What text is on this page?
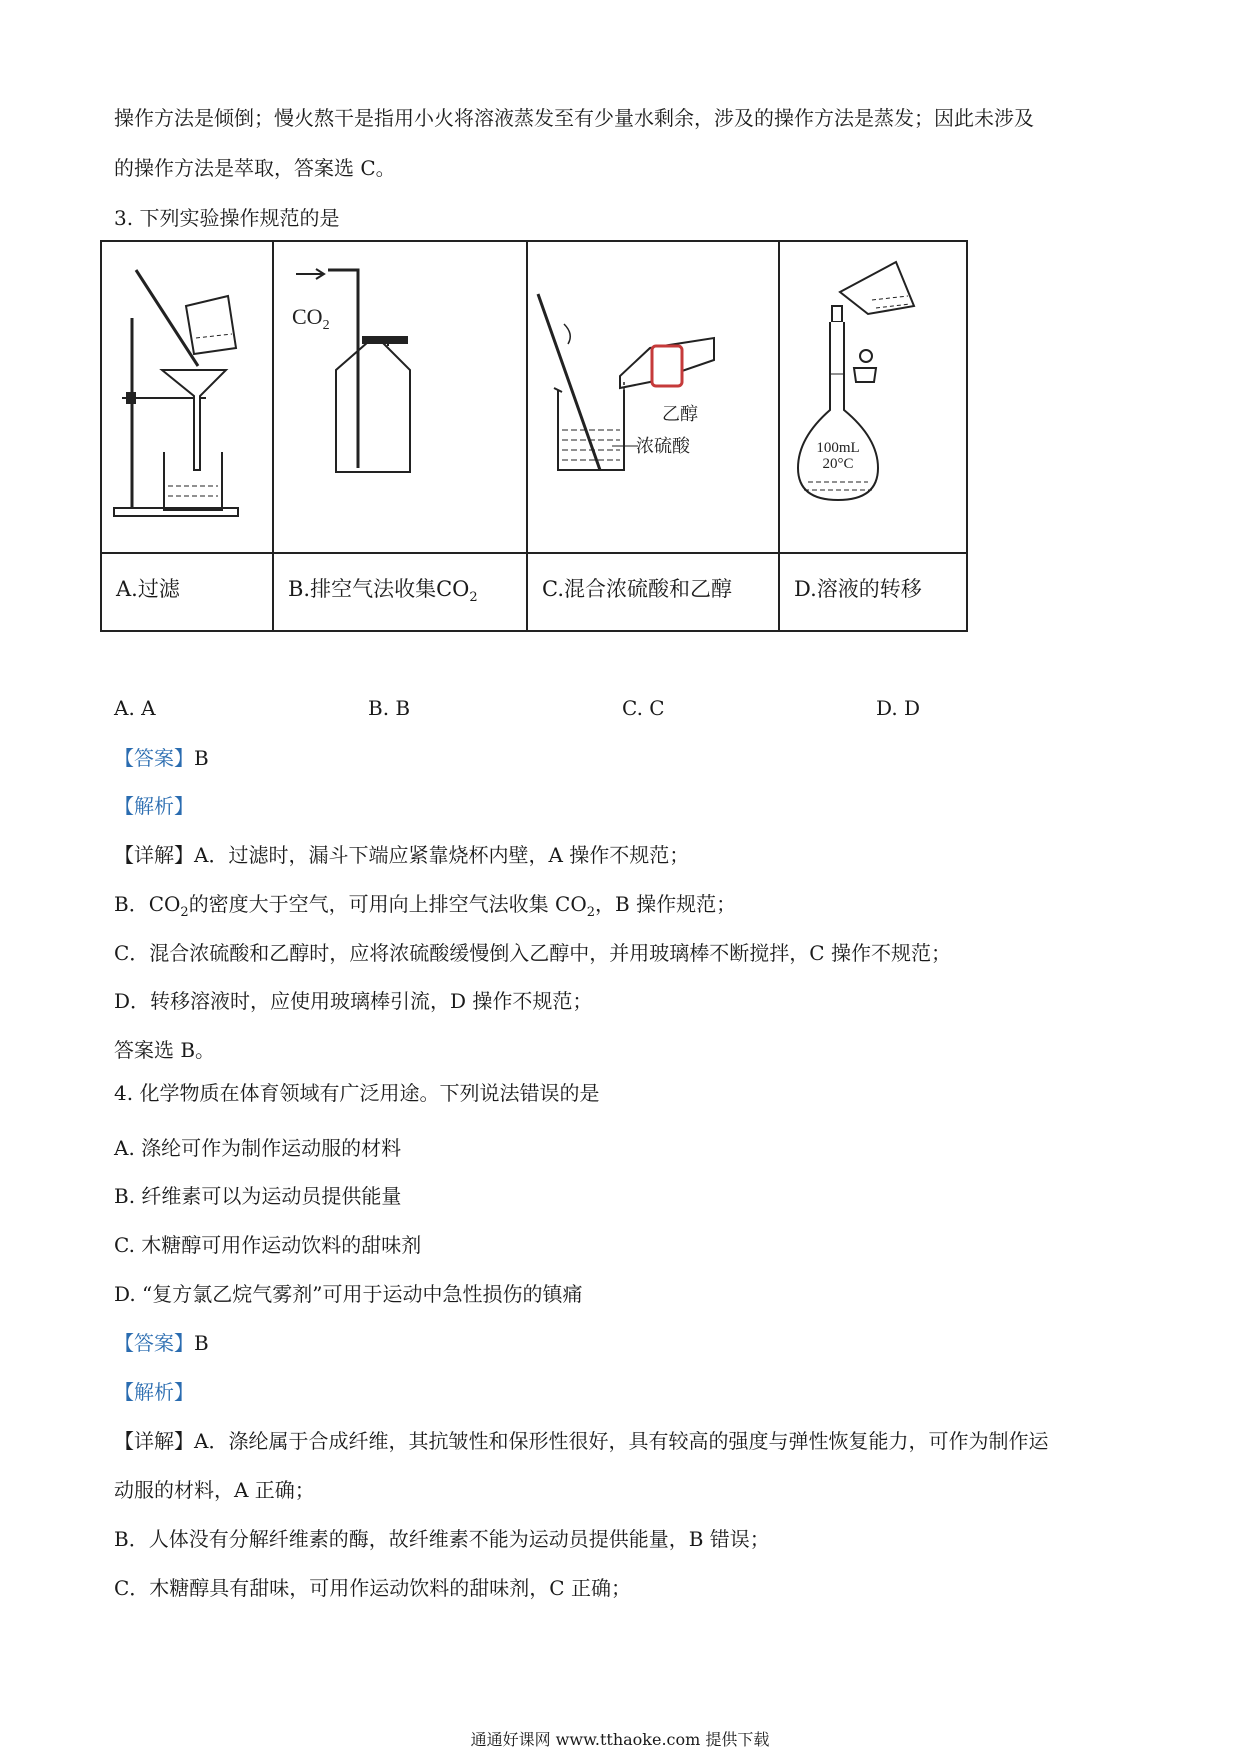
操作方法是倾倒；慢火熬干是指用小火将溶液蒸发至有少量水剩余，涉及的操作方法是蒸发；因此未涉及
的操作方法是萃取，答案选 C。
3. 下列实验操作规范的是
$CO_2$
乙醇
浓硫酸	100mL
20°C
A.过滤	B.排空气法收集$CO_2$	C.混合浓硫酸和乙醇	D.溶液的转移
A. A	B. B	C. C	D. D
【答案】B
【解析】
【详解】A．过滤时，漏斗下端应紧靠烧杯内壁，A 操作不规范；
B．$CO_2$的密度大于空气，可用向上排空气法收集 $CO_2$，B 操作规范；
C．混合浓硫酸和乙醇时，应将浓硫酸缓慢倒入乙醇中，并用玻璃棒不断搅拌，C 操作不规范；
D．转移溶液时，应使用玻璃棒引流，D 操作不规范；
答案选 B。
4. 化学物质在体育领域有广泛用途。下列说法错误的是
A. 涤纶可作为制作运动服的材料
B. 纤维素可以为运动员提供能量
C. 木糖醇可用作运动饮料的甜味剂
D. “复方氯乙烷气雾剂”可用于运动中急性损伤的镇痛
【答案】B
【解析】
【详解】A．涤纶属于合成纤维，其抗皱性和保形性很好，具有较高的强度与弹性恢复能力，可作为制作运
动服的材料，A 正确；
B．人体没有分解纤维素的酶，故纤维素不能为运动员提供能量，B 错误；
C．木糖醇具有甜味，可用作运动饮料的甜味剂，C 正确；
通通好课网 www.tthaoke.com 提供下载
